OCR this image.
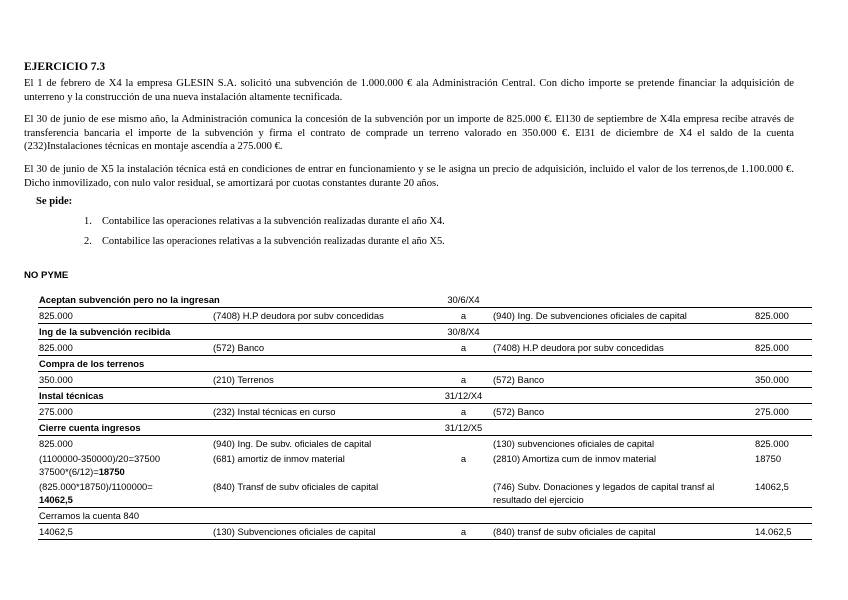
EJERCICIO 7.3

El 1 de febrero de X4 la empresa GLESIN S.A. solicitó una subvención de 1.000.000 € ala Administración Central. Con dicho importe se pretende financiar la adquisición de unterreno y la construcción de una nueva instalación altamente tecnificada.

El 30 de junio de ese mismo año, la Administración comunica la concesión de la subvención por un importe de 825.000 €. El130 de septiembre de X4la empresa recibe através de transferencia bancaria el importe de la subvención y firma el contrato de comprade un terreno valorado en 350.000 €. El31 de diciembre de X4 el saldo de la cuenta (232)Instalaciones técnicas en montaje ascendía a 275.000 €.

El 30 de junio de X5 la instalación técnica está en condiciones de entrar en funcionamiento y se le asigna un precio de adquisición, incluido el valor de los terrenos,de 1.100.000 €. Dicho inmovilizado, con nulo valor residual, se amortizará por cuotas constantes durante 20 años.

Se pide:
1. Contabilice las operaciones relativas a la subvención realizadas durante el año X4.
2. Contabilice las operaciones relativas a la subvención realizadas durante el año X5.
NO PYME
Aceptan subvención pero no la ingresan		30/6/X4		
825.000	(7408) H.P deudora por subv concedidas	a	(940) Ing. De subvenciones oficiales de capital	825.000
Ing de la subvención recibida		30/8/X4		
825.000	(572) Banco	a	(7408) H.P deudora por subv concedidas	825.000
Compra de los terrenos				
350.000	(210) Terrenos	a	(572) Banco	350.000
Instal técnicas		31/12/X4		
275.000	(232) Instal técnicas en curso	a	(572) Banco	275.000
Cierre cuenta ingresos		31/12/X5		
825.000	(940) Ing. De subv. oficiales de capital		(130) subvenciones oficiales de capital	825.000

(1100000-350000)/20=37500
37500*(6/12)=18750	(681) amortiz de inmov material	a	(2810) Amortiza cum de inmov material	18750

(825.000*18750)/1100000=
14062,5	(840) Transf de subv oficiales de capital		(746) Subv. Donaciones y legados de capital transf al resultado del ejercicio	14062,5
Cerramos la cuenta 840				
14062,5	(130) Subvenciones oficiales de capital	a	(840) transf de subv oficiales de capital	14.062,5
